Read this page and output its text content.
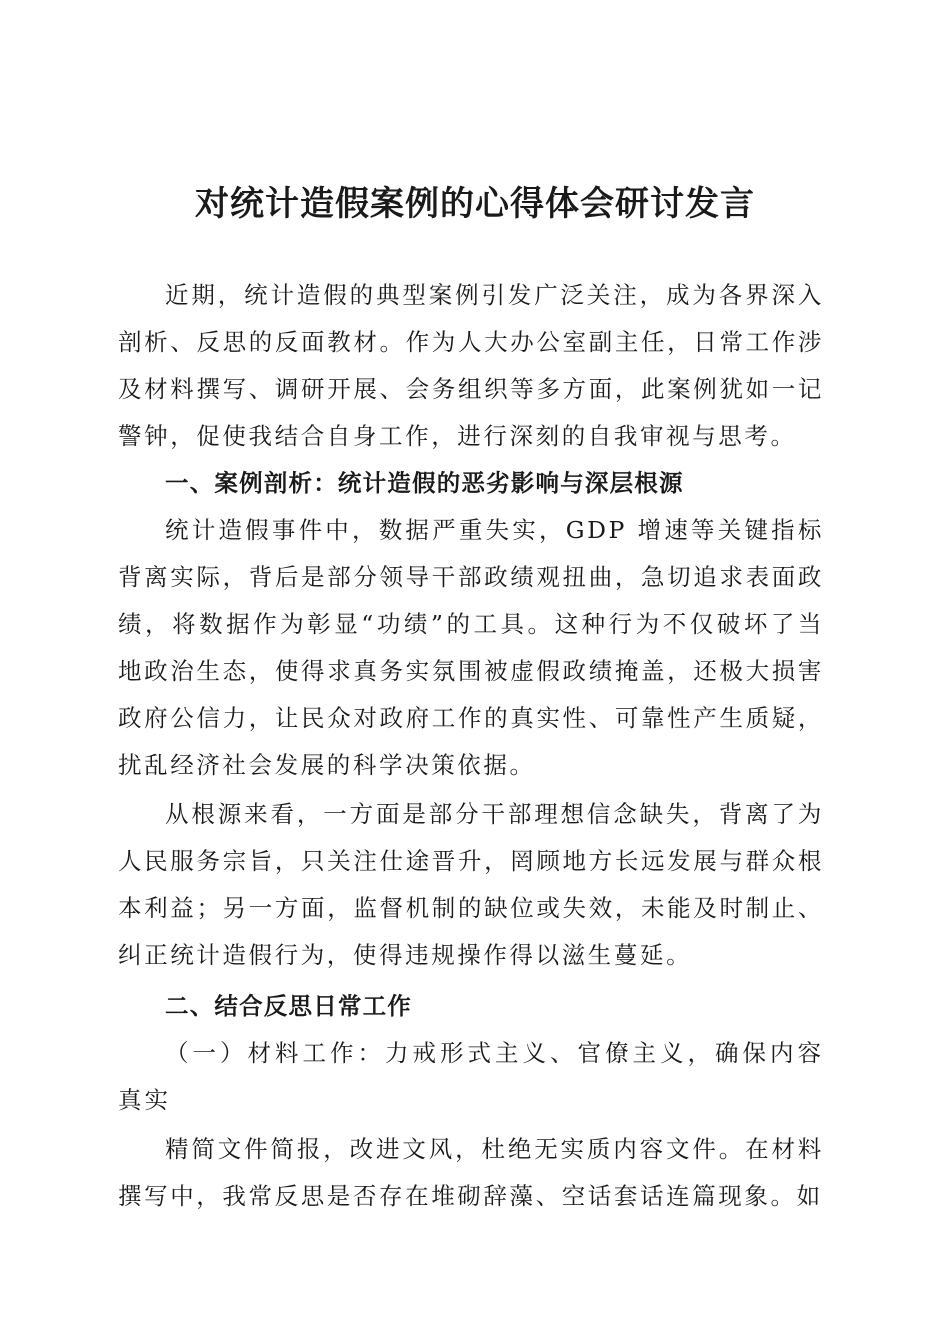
对统计造假案例的心得体会研讨发言

近期，统计造假的典型案例引发广泛关注，成为各界深入剖析、反思的反面教材。作为人大办公室副主任，日常工作涉及材料撰写、调研开展、会务组织等多方面，此案例犹如一记警钟，促使我结合自身工作，进行深刻的自我审视与思考。

一、案例剖析：统计造假的恶劣影响与深层根源

统计造假事件中，数据严重失实，GDP 增速等关键指标背离实际，背后是部分领导干部政绩观扭曲，急切追求表面政绩，将数据作为彰显“功绩”的工具。这种行为不仅破坏了当地政治生态，使得求真务实氛围被虚假政绩掩盖，还极大损害政府公信力，让民众对政府工作的真实性、可靠性产生质疑，扰乱经济社会发展的科学决策依据。

从根源来看，一方面是部分干部理想信念缺失，背离了为人民服务宗旨，只关注仕途晋升，罔顾地方长远发展与群众根本利益；另一方面，监督机制的缺位或失效，未能及时制止、纠正统计造假行为，使得违规操作得以滋生蔓延。

二、结合反思日常工作

（一）材料工作：力戒形式主义、官僚主义，确保内容真实

精简文件简报，改进文风，杜绝无实质内容文件。在材料撰写中，我常反思是否存在堆砌辞藻、空话套话连篇现象。如
